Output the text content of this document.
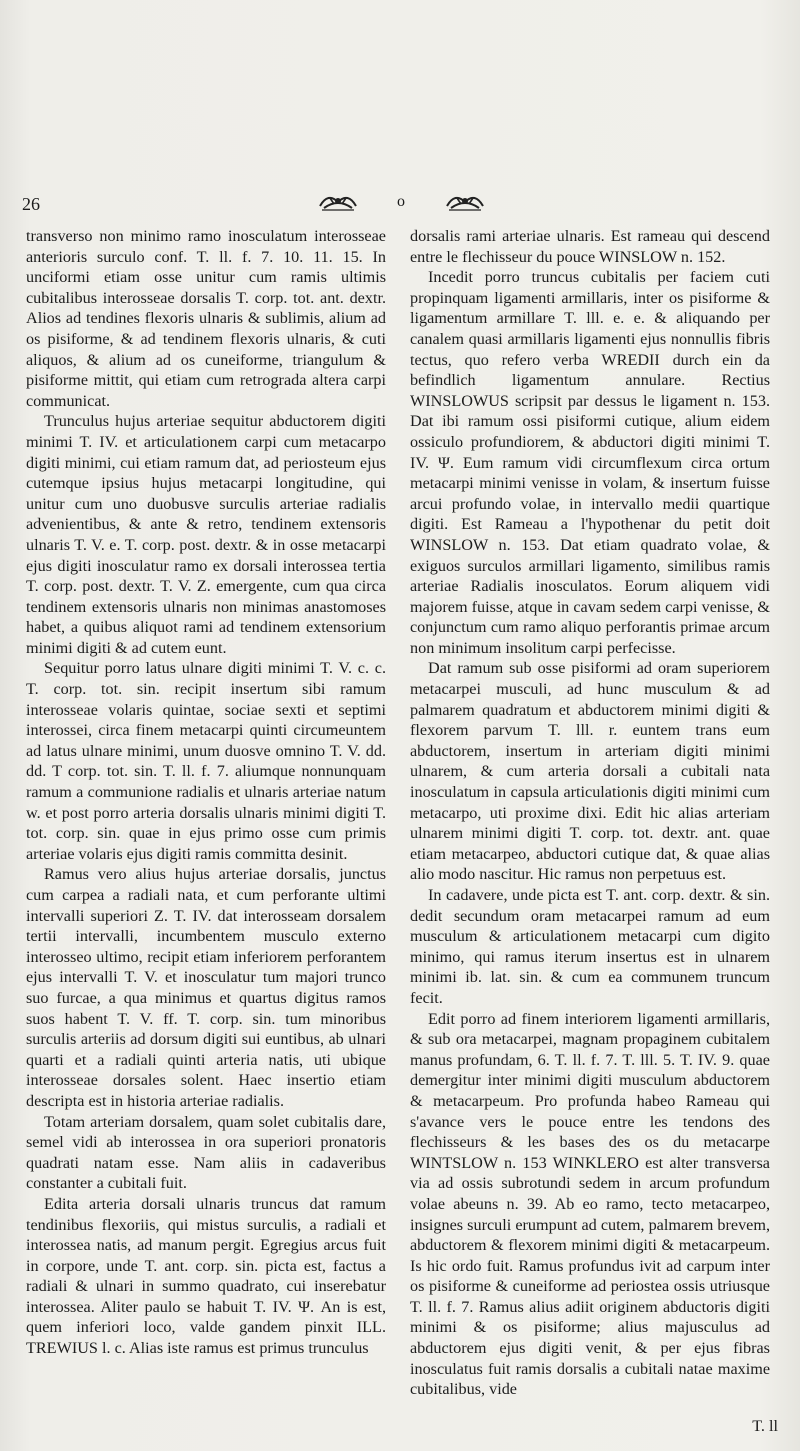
26	o

transverso non minimo ramo inosculatum interosseae anterioris surculo conf. T. ll. f. 7. 10. 11. 15. In unciformi etiam osse unitur cum ramis ultimis cubitalibus interosseae dorsalis T. corp. tot. ant. dextr. Alios ad tendines flexoris ulnaris & sublimis, alium ad os pisiforme, & ad tendinem flexoris ulnaris, & cuti aliquos, & alium ad os cuneiforme, triangulum & pisiforme mittit, qui etiam cum retrograda altera carpi communicat.

Trunculus hujus arteriae sequitur abductorem digiti minimi T. IV. et articulationem carpi cum metacarpo digiti minimi, cui etiam ramum dat, ad periosteum ejus cutemque ipsius hujus metacarpi longitudine, qui unitur cum uno duobusve surculis arteriae radialis advenientibus, & ante & retro, tendinem extensoris ulnaris T. V. e. T. corp. post. dextr. & in osse metacarpi ejus digiti inosculatur ramo ex dorsali interossea tertia T. corp. post. dextr. T. V. Z. emergente, cum qua circa tendinem extensoris ulnaris non minimas anastomoses habet, a quibus aliquot rami ad tendinem extensorium minimi digiti & ad cutem eunt.

Sequitur porro latus ulnare digiti minimi T. V. c. c. T. corp. tot. sin. recipit insertum sibi ramum interosseae volaris quintae, sociae sexti et septimi interossei, circa finem metacarpi quinti circumeuntem ad latus ulnare minimi, unum duosve omnino T. V. dd. dd. T corp. tot. sin. T. ll. f. 7. aliumque nonnunquam ramum a communione radialis et ulnaris arteriae natum w. et post porro arteria dorsalis ulnaris minimi digiti T. tot. corp. sin. quae in ejus primo osse cum primis arteriae volaris ejus digiti ramis committa desinit.

Ramus vero alius hujus arteriae dorsalis, junctus cum carpea a radiali nata, et cum perforante ultimi intervalli superiori Z. T. IV. dat interosseam dorsalem tertii intervalli, incumbentem musculo externo interosseo ultimo, recipit etiam inferiorem perforantem ejus intervalli T. V. et inosculatur tum majori trunco suo furcae, a qua minimus et quartus digitus ramos suos habent T. V. ff. T. corp. sin. tum minoribus surculis arteriis ad dorsum digiti sui euntibus, ab ulnari quarti et a radiali quinti arteria natis, uti ubique interosseae dorsales solent. Haec insertio etiam descripta est in historia arteriae radialis.

Totam arteriam dorsalem, quam solet cubitalis dare, semel vidi ab interossea in ora superiori pronatoris quadrati natam esse. Nam aliis in cadaveribus constanter a cubitali fuit.

Edita arteria dorsali ulnaris truncus dat ramum tendinibus flexoriis, qui mistus surculis, a radiali et interossea natis, ad manum pergit. Egregius arcus fuit in corpore, unde T. ant. corp. sin. picta est, factus a radiali & ulnari in summo quadrato, cui inserebatur interossea. Aliter paulo se habuit T. IV. Ψ. An is est, quem inferiori loco, valde gandem pinxit ILL. TREWIUS l. c. Alias iste ramus est primus trunculus

dorsalis rami arteriae ulnaris. Est rameau qui descend entre le flechisseur du pouce WINSLOW n. 152.

Incedit porro truncus cubitalis per faciem cuti propinquam ligamenti armillaris, inter os pisiforme & ligamentum armillare T. lll. e. e. & aliquando per canalem quasi armillaris ligamenti ejus nonnullis fibris tectus, quo refero verba WREDII durch ein da befindlich ligamentum annulare. Rectius WINSLOWUS scripsit par dessus le ligament n. 153. Dat ibi ramum ossi pisiformi cutique, alium eidem ossiculo profundiorem, & abductori digiti minimi T. IV. Ψ. Eum ramum vidi circumflexum circa ortum metacarpi minimi venisse in volam, & insertum fuisse arcui profundo volae, in intervallo medii quartique digiti. Est Rameau a l'hypothenar du petit doit WINSLOW n. 153. Dat etiam quadrato volae, & exiguos surculos armillari ligamento, similibus ramis arteriae Radialis inosculatos. Eorum aliquem vidi majorem fuisse, atque in cavam sedem carpi venisse, & conjunctum cum ramo aliquo perforantis primae arcum non minimum insolitum carpi perfecisse.

Dat ramum sub osse pisiformi ad oram superiorem metacarpei musculi, ad hunc musculum & ad palmarem quadratum et abductorem minimi digiti & flexorem parvum T. lll. r. euntem trans eum abductorem, insertum in arteriam digiti minimi ulnarem, & cum arteria dorsali a cubitali nata inosculatum in capsula articulationis digiti minimi cum metacarpo, uti proxime dixi. Edit hic alias arteriam ulnarem minimi digiti T. corp. tot. dextr. ant. quae etiam metacarpeo, abductori cutique dat, & quae alias alio modo nascitur. Hic ramus non perpetuus est.

In cadavere, unde picta est T. ant. corp. dextr. & sin. dedit secundum oram metacarpei ramum ad eum musculum & articulationem metacarpi cum digito minimo, qui ramus iterum insertus est in ulnarem minimi ib. lat. sin. & cum ea communem truncum fecit.

Edit porro ad finem interiorem ligamenti armillaris, & sub ora metacarpei, magnam propaginem cubitalem manus profundam, 6. T. ll. f. 7. T. lll. 5. T. IV. 9. quae demergitur inter minimi digiti musculum abductorem & metacarpeum. Pro profunda habeo Rameau qui s'avance vers le pouce entre les tendons des flechisseurs & les bases des os du metacarpe WINTSLOW n. 153 WINKLERO est alter transversa via ad ossis subrotundi sedem in arcum profundum volae abeuns n. 39. Ab eo ramo, tecto metacarpeo, insignes surculi erumpunt ad cutem, palmarem brevem, abductorem & flexorem minimi digiti & metacarpeum. Is hic ordo fuit. Ramus profundus ivit ad carpum inter os pisiforme & cuneiforme ad periostea ossis utriusque T. ll. f. 7. Ramus alius adiit originem abductoris digiti minimi & os pisiforme; alius majusculus ad abductorem ejus digiti venit, & per ejus fibras inosculatus fuit ramis dorsalis a cubitali natae maxime cubitalibus, vide

T. ll
